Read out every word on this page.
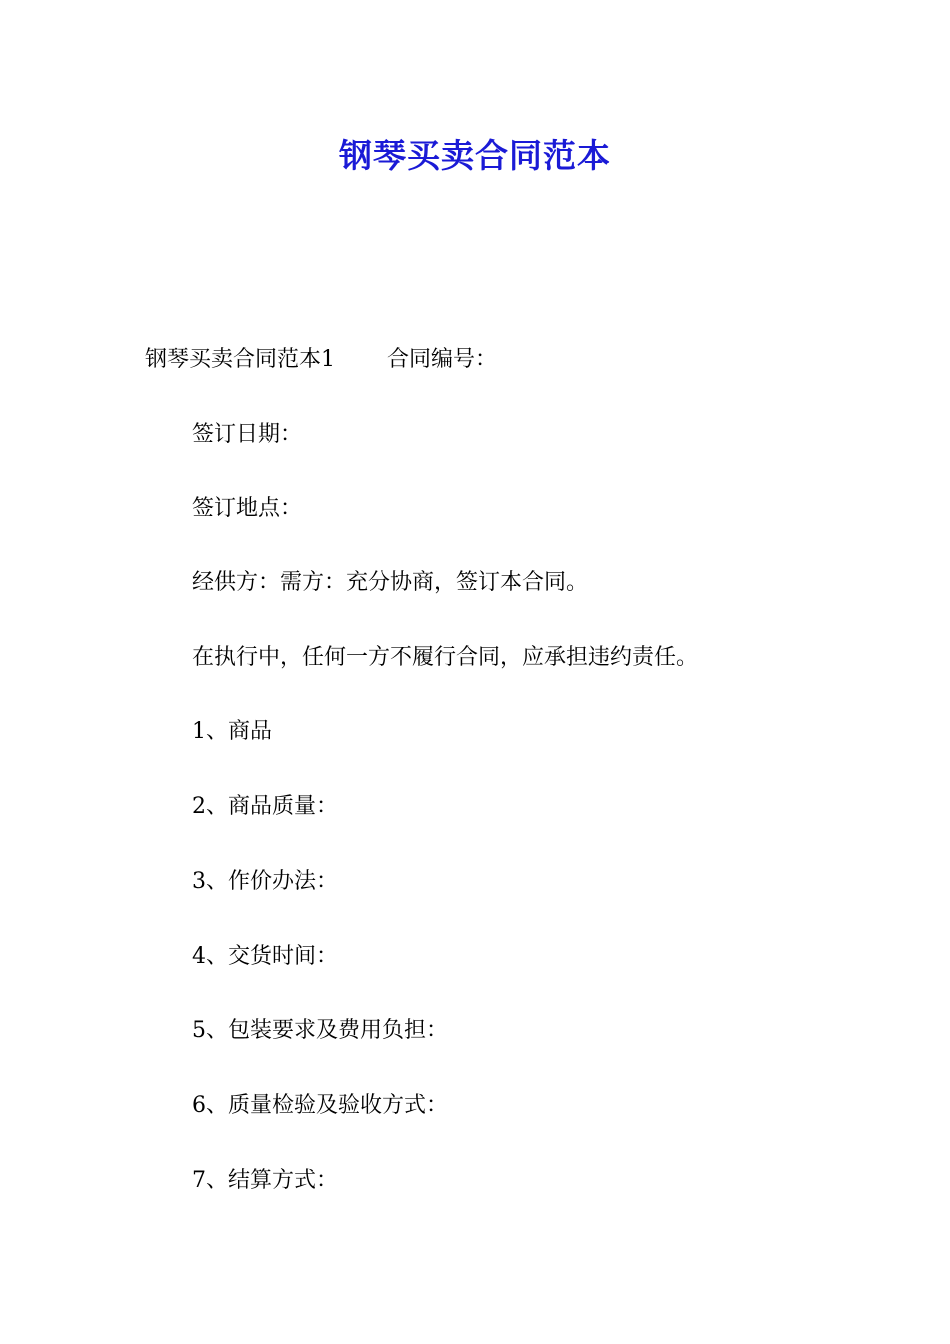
钢琴买卖合同范本
钢琴买卖合同范本1 合同编号：
签订日期：
签订地点：
经供方：需方：充分协商，签订本合同。
在执行中，任何一方不履行合同，应承担违约责任。
1、商品
2、商品质量：
3、作价办法：
4、交货时间：
5、包装要求及费用负担：
6、质量检验及验收方式：
7、结算方式：
